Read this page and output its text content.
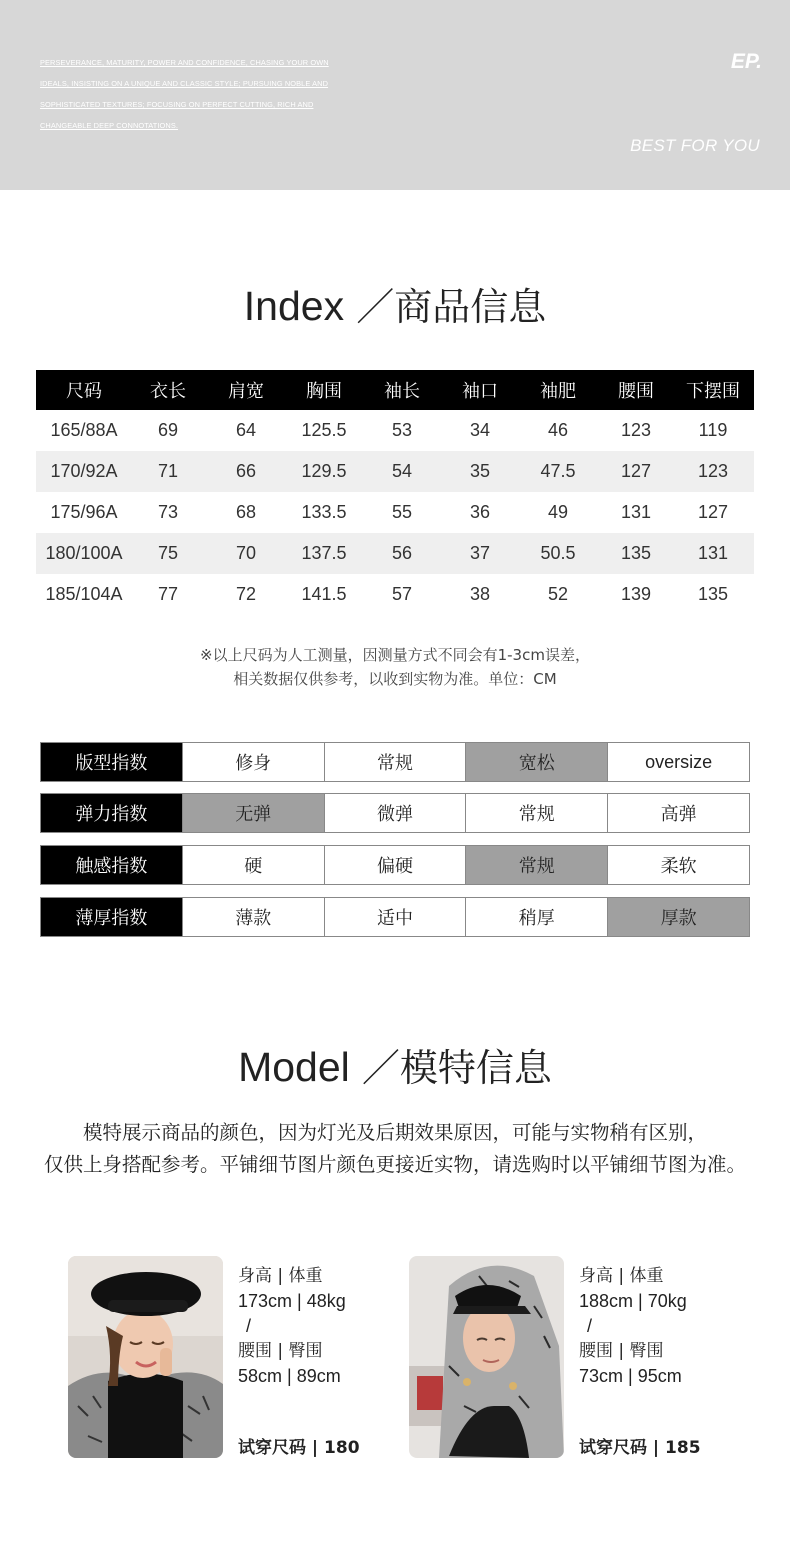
PERSEVERANCE, MATURITY, POWER AND CONFIDENCE, CHASING YOUR OWN
IDEALS, INSISTING ON A UNIQUE AND CLASSIC STYLE; PURSUING NOBLE AND
SOPHISTICATED TEXTURES; FOCUSING ON PERFECT CUTTING, RICH AND
CHANGEABLE DEEP CONNOTATIONS.
EP.
BEST FOR YOU
Index ／商品信息
尺码	衣长	肩宽	胸围	袖长	袖口	袖肥	腰围	下摆围
165/88A	69	64	125.5	53	34	46	123	119
170/92A	71	66	129.5	54	35	47.5	127	123
175/96A	73	68	133.5	55	36	49	131	127
180/100A	75	70	137.5	56	37	50.5	135	131
185/104A	77	72	141.5	57	38	52	139	135
※以上尺码为人工测量，因测量方式不同会有1-3cm误差，
相关数据仅供参考，以收到实物为准。单位：CM
版型指数	修身	常规	宽松	oversize
弹力指数	无弹	微弹	常规	高弹
触感指数	硬	偏硬	常规	柔软
薄厚指数	薄款	适中	稍厚	厚款
Model ／模特信息
模特展示商品的颜色，因为灯光及后期效果原因，可能与实物稍有区别，
仅供上身搭配参考。平铺细节图片颜色更接近实物，请选购时以平铺细节图为准。
身高 | 体重
173cm | 48kg
/
腰围 | 臀围
58cm | 89cm
试穿尺码 | 180
身高 | 体重
188cm | 70kg
/
腰围 | 臀围
73cm | 95cm
试穿尺码 | 185
